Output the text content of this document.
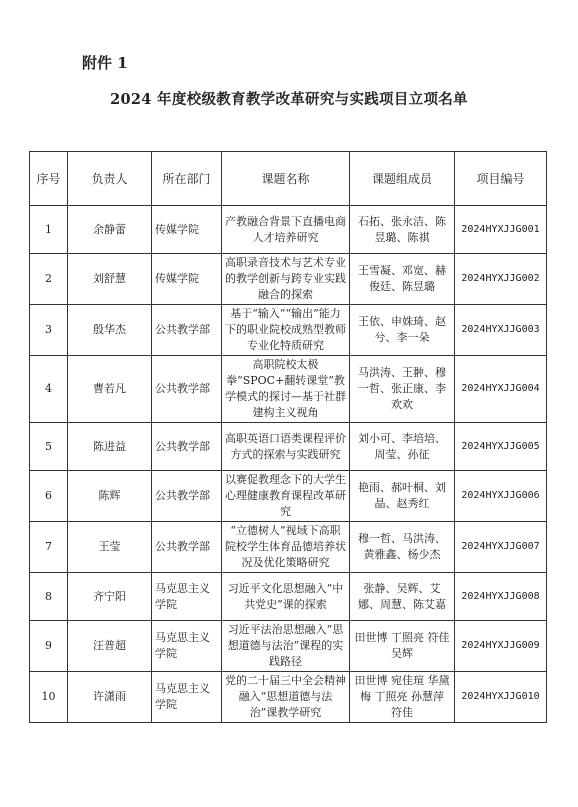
附件 1
2024 年度校级教育教学改革研究与实践项目立项名单
序号	负责人	所在部门	课题名称	课题组成员	项目编号
1	余静蕾	传媒学院	产教融合背景下直播电商人才培养研究	石拓、张永洁、陈昱璐、陈祺	2024HYXJJG001
2	刘舒慧	传媒学院	高职录音技术与艺术专业的教学创新与跨专业实践融合的探索	王雪凝、邓宽、赫俊廷、陈昱璐	2024HYXJJG002
3	殷华杰	公共教学部	基于“输入”“输出”能力下的职业院校成熟型教师专业化特质研究	王依、申姝琦、赵兮、李一朵	2024HYXJJG003
4	曹若凡	公共教学部	高职院校太极拳“SPOC+翻转课堂”教学模式的探讨—基于社群建构主义视角	马洪涛、王翀、穆一哲、张正康、李欢欢	2024HYXJJG004
5	陈进益	公共教学部	高职英语口语类课程评价方式的探索与实践研究	刘小可、李培培、周莹、孙征	2024HYXJJG005
6	陈辉	公共教学部	以赛促教理念下的大学生心理健康教育课程改革研究	艳雨、郝叶桐、刘晶、赵秀红	2024HYXJJG006
7	王莹	公共教学部	“立德树人”视域下高职院校学生体育品德培养状况及优化策略研究	穆一哲、马洪涛、黄雅鑫、杨少杰	2024HYXJJG007
8	齐宁阳	马克思主义学院	习近平文化思想融入“中共党史”课的探索	张静、吴辉、艾娜、周慧、陈艾嘉	2024HYXJJG008
9	汪普超	马克思主义学院	习近平法治思想融入“思想道德与法治”课程的实践路径	田世博 丁照亮 符佳 吴辉	2024HYXJJG009
10	许潇雨	马克思主义学院	党的二十届三中全会精神融入“思想道德与法治”课教学研究	田世博 宛佳瑄 华黛梅 丁照亮 孙慧萍 符佳	2024HYXJJG010
